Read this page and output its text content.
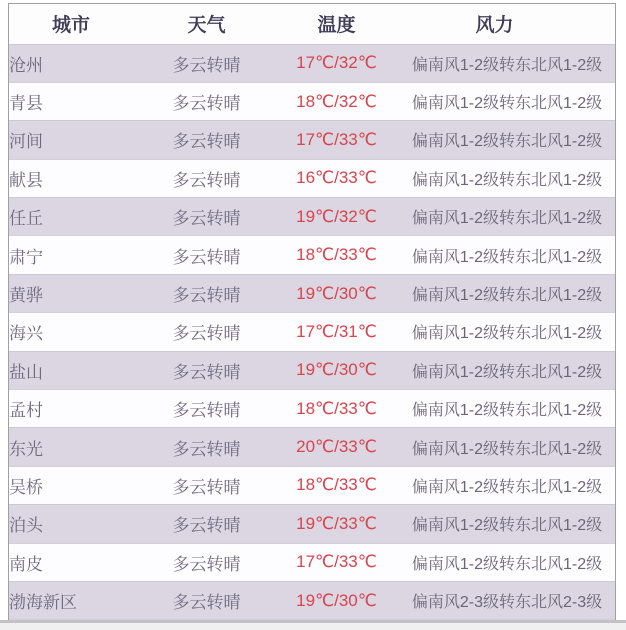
城市	天气	温度	风力
沧州	多云转晴	17℃/32℃	偏南风1-2级转东北风1-2级
青县	多云转晴	18℃/32℃	偏南风1-2级转东北风1-2级
河间	多云转晴	17℃/33℃	偏南风1-2级转东北风1-2级
献县	多云转晴	16℃/33℃	偏南风1-2级转东北风1-2级
任丘	多云转晴	19℃/32℃	偏南风1-2级转东北风1-2级
肃宁	多云转晴	18℃/33℃	偏南风1-2级转东北风1-2级
黄骅	多云转晴	19℃/30℃	偏南风1-2级转东北风1-2级
海兴	多云转晴	17℃/31℃	偏南风1-2级转东北风1-2级
盐山	多云转晴	19℃/30℃	偏南风1-2级转东北风1-2级
孟村	多云转晴	18℃/33℃	偏南风1-2级转东北风1-2级
东光	多云转晴	20℃/33℃	偏南风1-2级转东北风1-2级
吴桥	多云转晴	18℃/33℃	偏南风1-2级转东北风1-2级
泊头	多云转晴	19℃/33℃	偏南风1-2级转东北风1-2级
南皮	多云转晴	17℃/33℃	偏南风1-2级转东北风1-2级
渤海新区	多云转晴	19℃/30℃	偏南风2-3级转东北风2-3级
